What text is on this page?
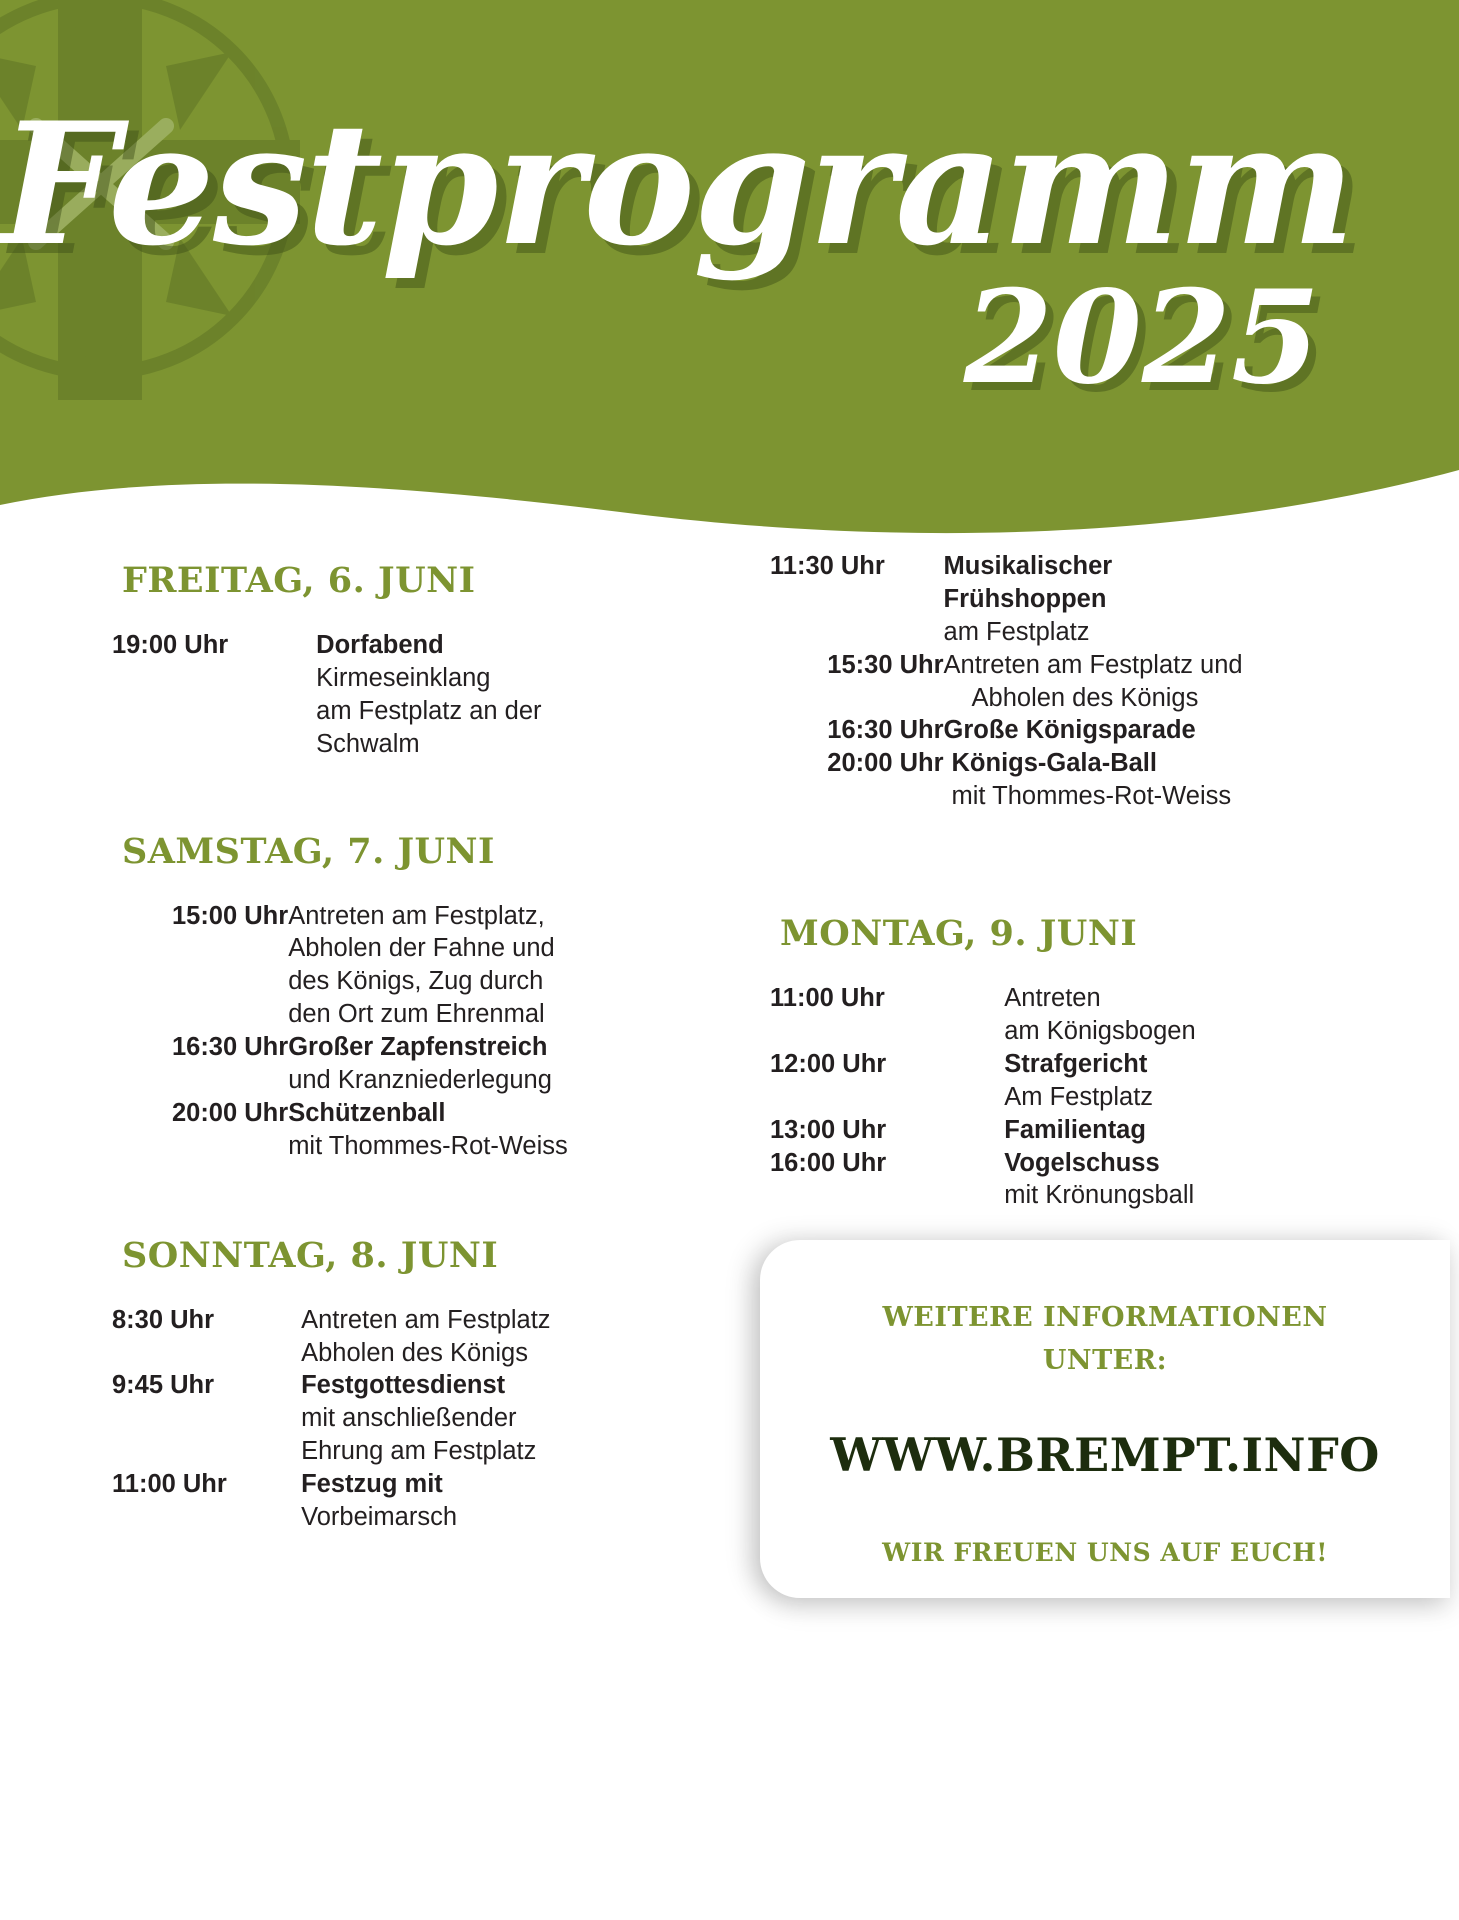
Festprogramm
2025
FREITAG, 6. JUNI
19:00 Uhr	Dorfabend
Kirmeseinklang
am Festplatz an der
Schwalm
SAMSTAG, 7. JUNI
15:00 Uhr	Antreten am Festplatz,
Abholen der Fahne und
des Königs, Zug durch
den Ort zum Ehrenmal

16:30 Uhr	Großer Zapfenstreich
und Kranzniederlegung

20:00 Uhr	Schützenball
mit Thommes-Rot-Weiss
SONNTAG, 8. JUNI
8:30 Uhr	Antreten am Festplatz
Abholen des Königs

9:45 Uhr	Festgottesdienst
mit anschließender
Ehrung am Festplatz

11:00 Uhr	Festzug mit
Vorbeimarsch
11:30 Uhr	Musikalischer
Frühshoppen
am Festplatz

15:30 Uhr	Antreten am Festplatz und
Abholen des Königs

16:30 Uhr	Große Königsparade

20:00 Uhr	Königs-Gala-Ball
mit Thommes-Rot-Weiss
MONTAG, 9. JUNI
11:00 Uhr	Antreten
am Königsbogen

12:00 Uhr	Strafgericht
Am Festplatz

13:00 Uhr	Familientag

16:00 Uhr	Vogelschuss
mit Krönungsball
WEITERE INFORMATIONEN
UNTER:
WWW.BREMPT.INFO
WIR FREUEN UNS AUF EUCH!
